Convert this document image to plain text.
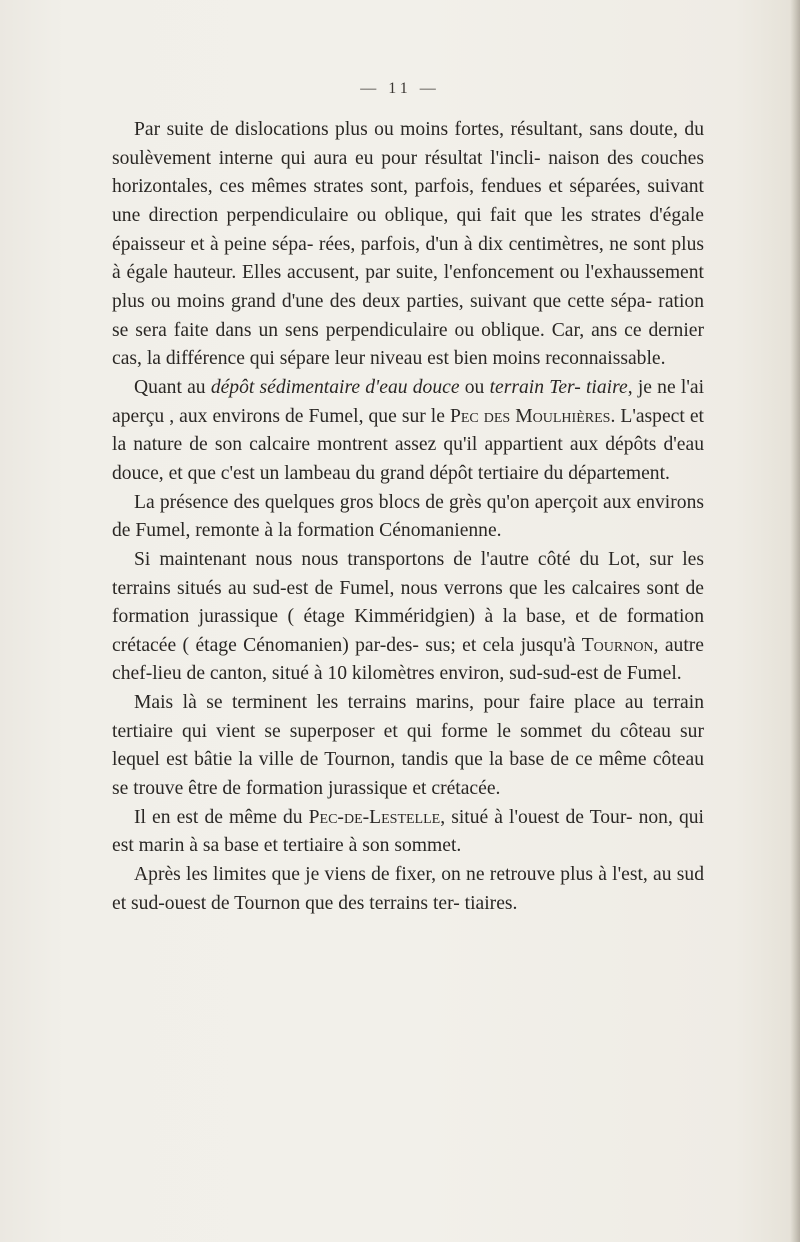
— 11 —

Par suite de dislocations plus ou moins fortes, résultant, sans doute, du soulèvement interne qui aura eu pour résultat l'incli- naison des couches horizontales, ces mêmes strates sont, parfois, fendues et séparées, suivant une direction perpendiculaire ou oblique, qui fait que les strates d'égale épaisseur et à peine sépa- rées, parfois, d'un à dix centimètres, ne sont plus à égale hauteur. Elles accusent, par suite, l'enfoncement ou l'exhaussement plus ou moins grand d'une des deux parties, suivant que cette sépa- ration se sera faite dans un sens perpendiculaire ou oblique. Car, ans ce dernier cas, la différence qui sépare leur niveau est bien moins reconnaissable.

Quant au dépôt sédimentaire d'eau douce ou terrain Ter- tiaire, je ne l'ai aperçu , aux environs de Fumel, que sur le Pec des Moulhières. L'aspect et la nature de son calcaire montrent assez qu'il appartient aux dépôts d'eau douce, et que c'est un lambeau du grand dépôt tertiaire du département.

La présence des quelques gros blocs de grès qu'on aperçoit aux environs de Fumel, remonte à la formation Cénomanienne.

Si maintenant nous nous transportons de l'autre côté du Lot, sur les terrains situés au sud-est de Fumel, nous verrons que les calcaires sont de formation jurassique ( étage Kimméridgien) à la base, et de formation crétacée ( étage Cénomanien) par-des- sus; et cela jusqu'à Tournon, autre chef-lieu de canton, situé à 10 kilomètres environ, sud-sud-est de Fumel.

Mais là se terminent les terrains marins, pour faire place au terrain tertiaire qui vient se superposer et qui forme le sommet du côteau sur lequel est bâtie la ville de Tournon, tandis que la base de ce même côteau se trouve être de formation jurassique et crétacée.

Il en est de même du Pec-de-Lestelle, situé à l'ouest de Tour- non, qui est marin à sa base et tertiaire à son sommet.

Après les limites que je viens de fixer, on ne retrouve plus à l'est, au sud et sud-ouest de Tournon que des terrains ter- tiaires.
